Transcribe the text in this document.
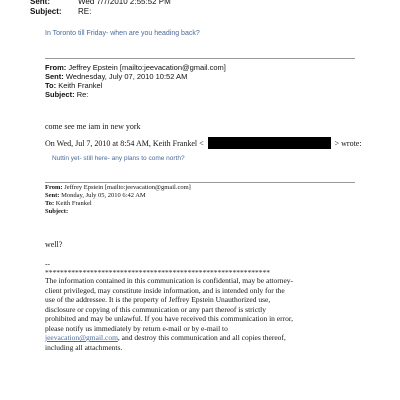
Sent:	Wed 7/7/2010 2:55:52 PM
Subject:	RE:
In Toronto till Friday- when are you heading back?
From: Jeffrey Epstein [mailto:jeevacation@gmail.com]
Sent: Wednesday, July 07, 2010 10:52 AM
To: Keith Frankel
Subject: Re:
come see me iam in new york
On Wed, Jul 7, 2010 at 8:54 AM, Keith Frankel <	> wrote:
Nuttin yet- still here- any plans to come north?
From: Jeffrey Epstein [mailto:jeevacation@gmail.com]
Sent: Monday, July 05, 2010 6:42 AM
To: Keith Frankel
Subject:
well?
--
************************************************************
The information contained in this communication is confidential, may be attorney-client privileged, may constitute inside information, and is intended only for the use of the addressee. It is the property of Jeffrey Epstein Unauthorized use, disclosure or copying of this communication or any part thereof is strictly prohibited and may be unlawful. If you have received this communication in error, please notify us immediately by return e-mail or by e-mail to jeevacation@gmail.com, and destroy this communication and all copies thereof, including all attachments.
